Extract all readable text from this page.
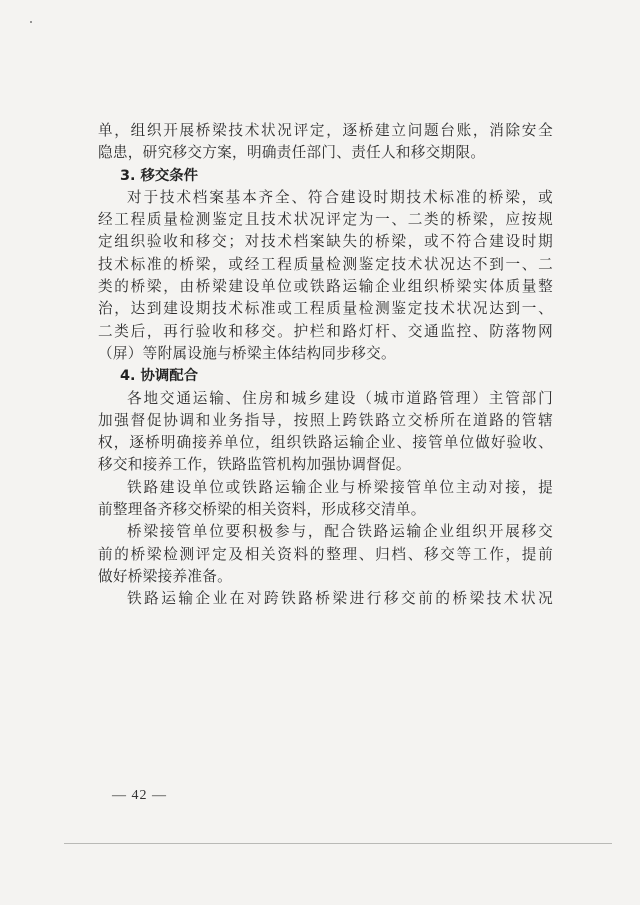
单，组织开展桥梁技术状况评定，逐桥建立问题台账，消除安全
隐患，研究移交方案，明确责任部门、责任人和移交期限。
3. 移交条件
对于技术档案基本齐全、符合建设时期技术标准的桥梁，或
经工程质量检测鉴定且技术状况评定为一、二类的桥梁，应按规
定组织验收和移交；对技术档案缺失的桥梁，或不符合建设时期
技术标准的桥梁，或经工程质量检测鉴定技术状况达不到一、二
类的桥梁，由桥梁建设单位或铁路运输企业组织桥梁实体质量整
治，达到建设期技术标准或工程质量检测鉴定技术状况达到一、
二类后，再行验收和移交。护栏和路灯杆、交通监控、防落物网
（屏）等附属设施与桥梁主体结构同步移交。
4. 协调配合
各地交通运输、住房和城乡建设（城市道路管理）主管部门
加强督促协调和业务指导，按照上跨铁路立交桥所在道路的管辖
权，逐桥明确接养单位，组织铁路运输企业、接管单位做好验收、
移交和接养工作，铁路监管机构加强协调督促。
铁路建设单位或铁路运输企业与桥梁接管单位主动对接，提
前整理备齐移交桥梁的相关资料，形成移交清单。
桥梁接管单位要积极参与，配合铁路运输企业组织开展移交
前的桥梁检测评定及相关资料的整理、归档、移交等工作，提前
做好桥梁接养准备。
铁路运输企业在对跨铁路桥梁进行移交前的桥梁技术状况
— 42 —
